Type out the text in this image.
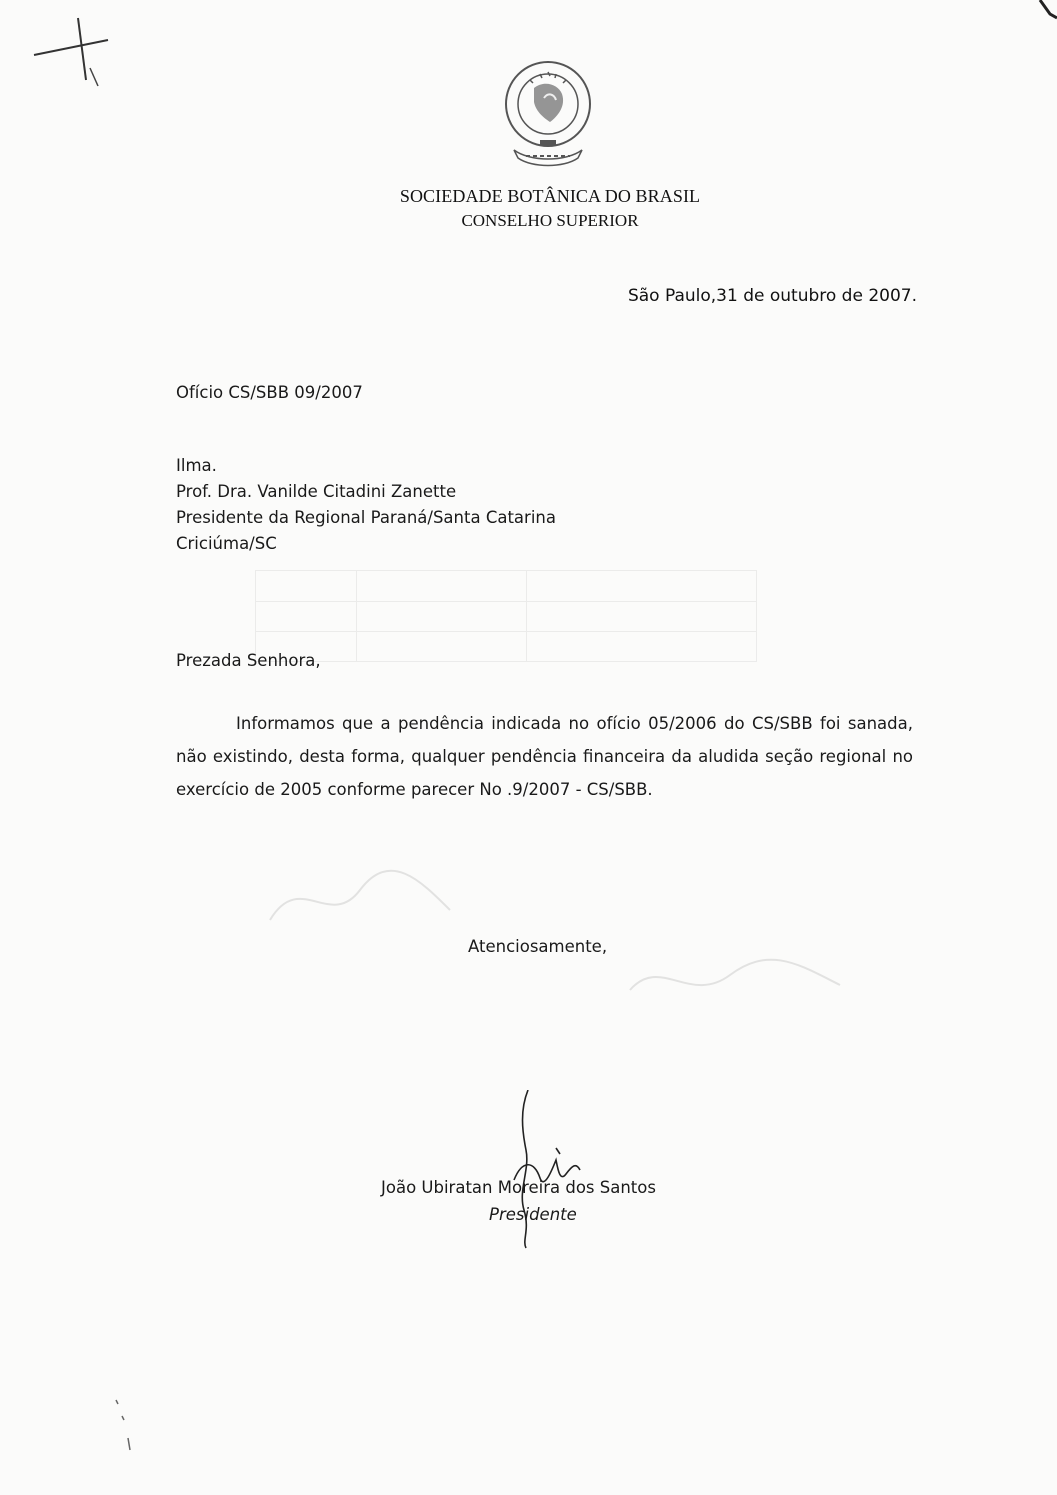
SOCIEDADE BOTÂNICA DO BRASIL
CONSELHO SUPERIOR
São Paulo,31 de outubro de 2007.
Ofício CS/SBB 09/2007
Ilma.
Prof. Dra. Vanilde Citadini Zanette
Presidente da Regional Paraná/Santa Catarina
Criciúma/SC
Prezada Senhora,
Informamos que a pendência indicada no ofício 05/2006 do CS/SBB foi sanada, não existindo, desta forma, qualquer pendência financeira da aludida seção regional no exercício de 2005 conforme parecer No .9/2007 - CS/SBB.
Atenciosamente,
João Ubiratan Moreira dos Santos
Presidente
